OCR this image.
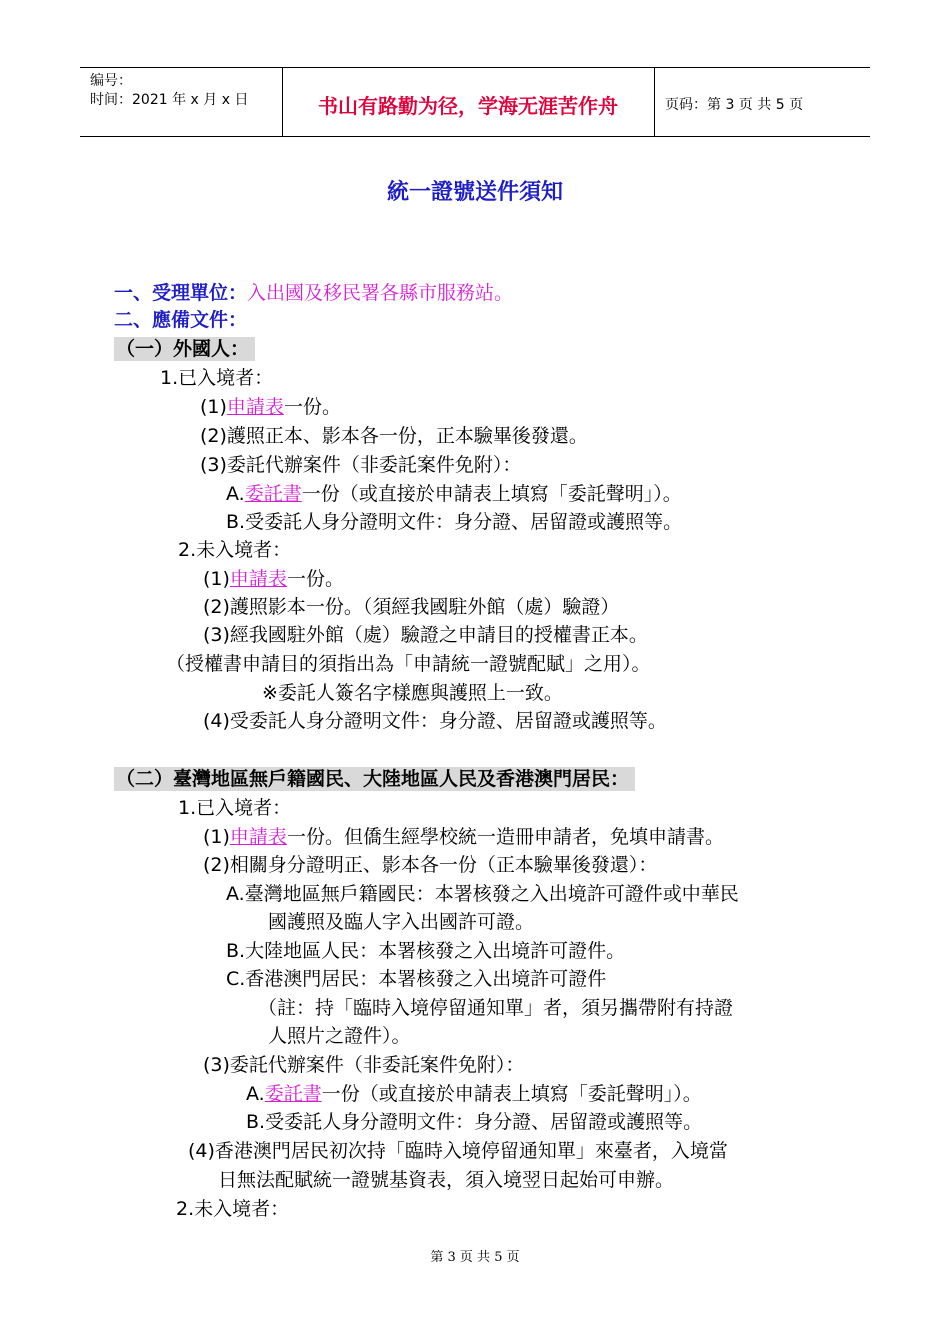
编号：
时间：2021 年 x 月 x 日	书山有路勤为径，学海无涯苦作舟	页码：第 3 页 共 5 页
統一證號送件須知
一、受理單位：入出國及移民署各縣市服務站。
二、應備文件：
（一）外國人：
1.已入境者：
(1)申請表一份。
(2)護照正本、影本各一份，正本驗畢後發還。
(3)委託代辦案件（非委託案件免附）：
A.委託書一份（或直接於申請表上填寫「委託聲明」）。
B.受委託人身分證明文件：身分證、居留證或護照等。
2.未入境者：
(1)申請表一份。
(2)護照影本一份。（須經我國駐外館（處）驗證）
(3)經我國駐外館（處）驗證之申請目的授權書正本。
（授權書申請目的須指出為「申請統一證號配賦」之用）。
※委託人簽名字樣應與護照上一致。
(4)受委託人身分證明文件：身分證、居留證或護照等。
（二）臺灣地區無戶籍國民、大陸地區人民及香港澳門居民：
1.已入境者：
(1)申請表一份。但僑生經學校統一造冊申請者，免填申請書。
(2)相關身分證明正、影本各一份（正本驗畢後發還）：
A.臺灣地區無戶籍國民：本署核發之入出境許可證件或中華民
國護照及臨人字入出國許可證。
B.大陸地區人民：本署核發之入出境許可證件。
C.香港澳門居民：本署核發之入出境許可證件
（註：持「臨時入境停留通知單」者，須另攜帶附有持證
人照片之證件）。
(3)委託代辦案件（非委託案件免附）：
A.委託書一份（或直接於申請表上填寫「委託聲明」）。
B.受委託人身分證明文件：身分證、居留證或護照等。
(4)香港澳門居民初次持「臨時入境停留通知單」來臺者，入境當
日無法配賦統一證號基資表，須入境翌日起始可申辦。
2.未入境者：
第 3 页 共 5 页
